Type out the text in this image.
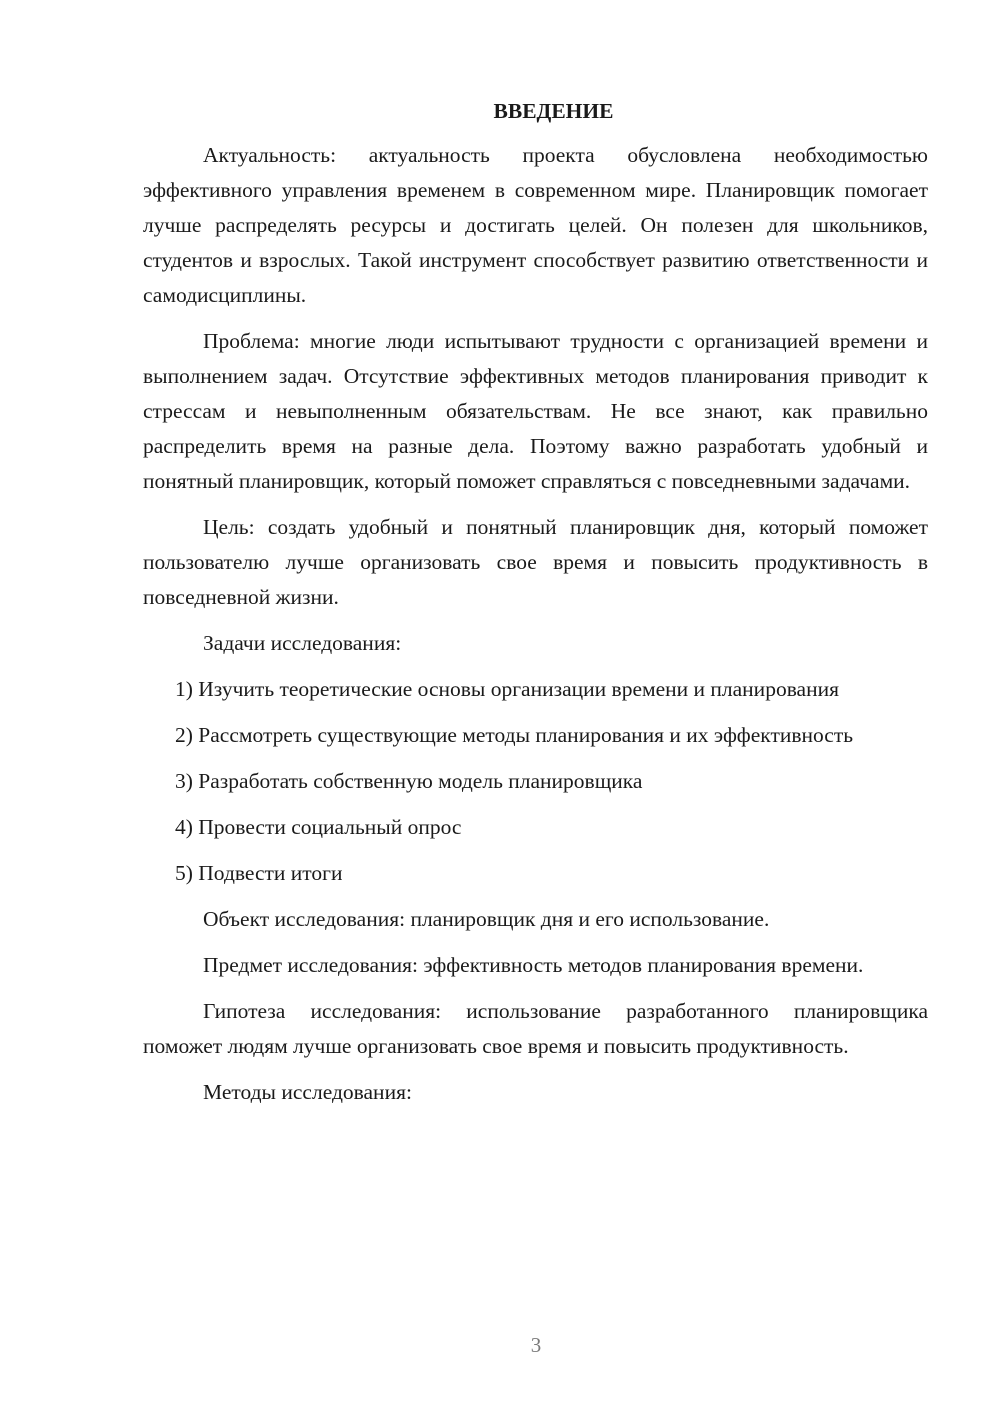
ВВЕДЕНИЕ

Актуальность: актуальность проекта обусловлена необходимостью эффективного управления временем в современном мире. Планировщик помогает лучше распределять ресурсы и достигать целей. Он полезен для школьников, студентов и взрослых. Такой инструмент способствует развитию ответственности и самодисциплины.

Проблема: многие люди испытывают трудности с организацией времени и выполнением задач. Отсутствие эффективных методов планирования приводит к стрессам и невыполненным обязательствам. Не все знают, как правильно распределить время на разные дела. Поэтому важно разработать удобный и понятный планировщик, который поможет справляться с повседневными задачами.

Цель: создать удобный и понятный планировщик дня, который поможет пользователю лучше организовать свое время и повысить продуктивность в повседневной жизни.

Задачи исследования:

1) Изучить теоретические основы организации времени и планирования

2) Рассмотреть существующие методы планирования и их эффективность

3) Разработать собственную модель планировщика

4) Провести социальный опрос

5) Подвести итоги

Объект исследования: планировщик дня и его использование.

Предмет исследования: эффективность методов планирования времени.

Гипотеза исследования: использование разработанного планировщика поможет людям лучше организовать свое время и повысить продуктивность.

Методы исследования:

3
